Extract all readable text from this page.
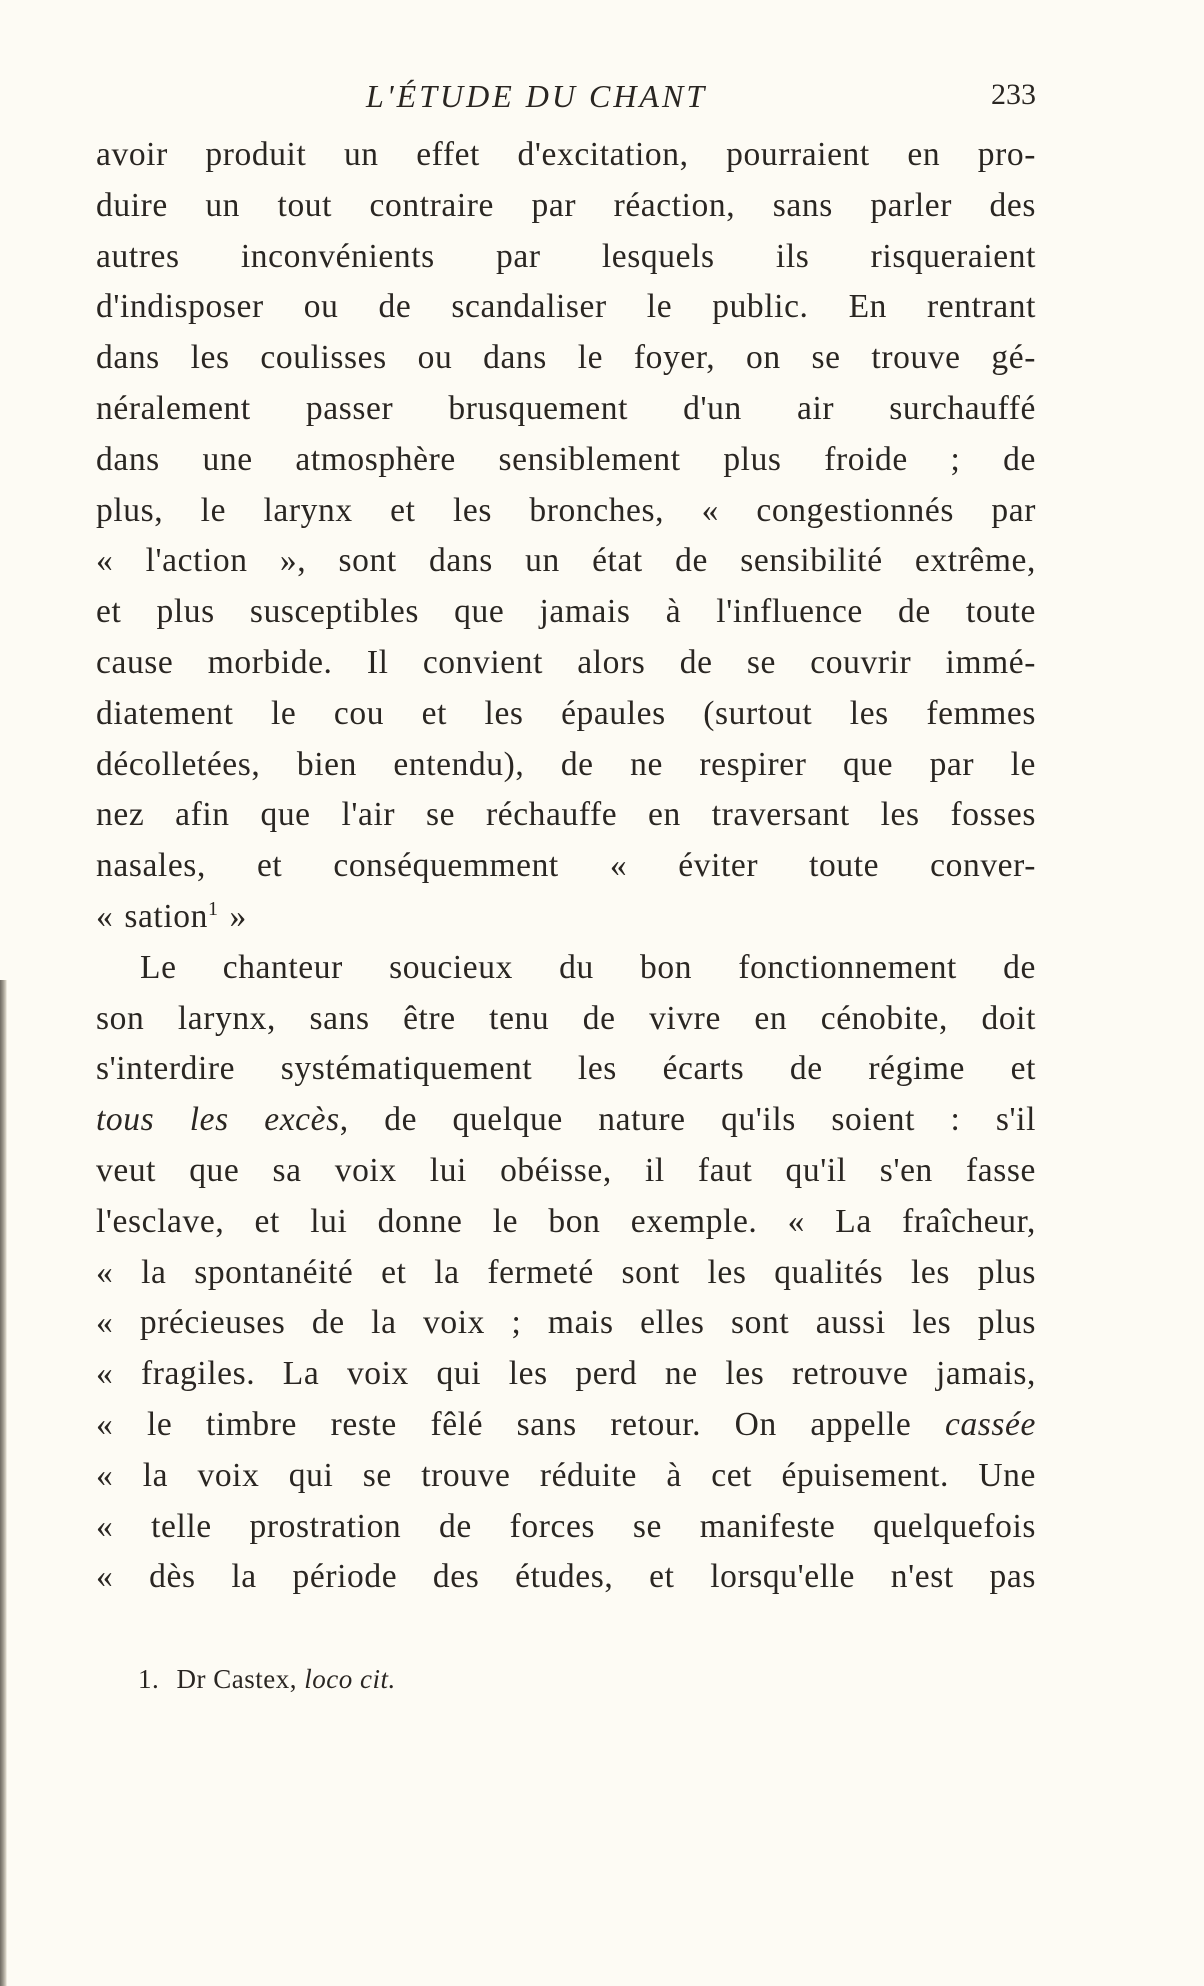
L'ÉTUDE DU CHANT	233
avoir produit un effet d'excitation, pourraient en pro-
duire un tout contraire par réaction, sans parler des
autres inconvénients par lesquels ils risqueraient
d'indisposer ou de scandaliser le public. En rentrant
dans les coulisses ou dans le foyer, on se trouve gé-
néralement passer brusquement d'un air surchauffé
dans une atmosphère sensiblement plus froide ; de
plus, le larynx et les bronches, « congestionnés par
« l'action », sont dans un état de sensibilité extrême,
et plus susceptibles que jamais à l'influence de toute
cause morbide. Il convient alors de se couvrir immé-
diatement le cou et les épaules (surtout les femmes
décolletées, bien entendu), de ne respirer que par le
nez afin que l'air se réchauffe en traversant les fosses
nasales, et conséquemment « éviter toute conver-
« sation$^1$ »
Le chanteur soucieux du bon fonctionnement de
son larynx, sans être tenu de vivre en cénobite, doit
s'interdire systématiquement les écarts de régime et
tous les excès, de quelque nature qu'ils soient : s'il
veut que sa voix lui obéisse, il faut qu'il s'en fasse
l'esclave, et lui donne le bon exemple. « La fraîcheur,
« la spontanéité et la fermeté sont les qualités les plus
« précieuses de la voix ; mais elles sont aussi les plus
« fragiles. La voix qui les perd ne les retrouve jamais,
« le timbre reste fêlé sans retour. On appelle cassée
« la voix qui se trouve réduite à cet épuisement. Une
« telle prostration de forces se manifeste quelquefois
« dès la période des études, et lorsqu'elle n'est pas
1. Dr Castex, loco cit.
